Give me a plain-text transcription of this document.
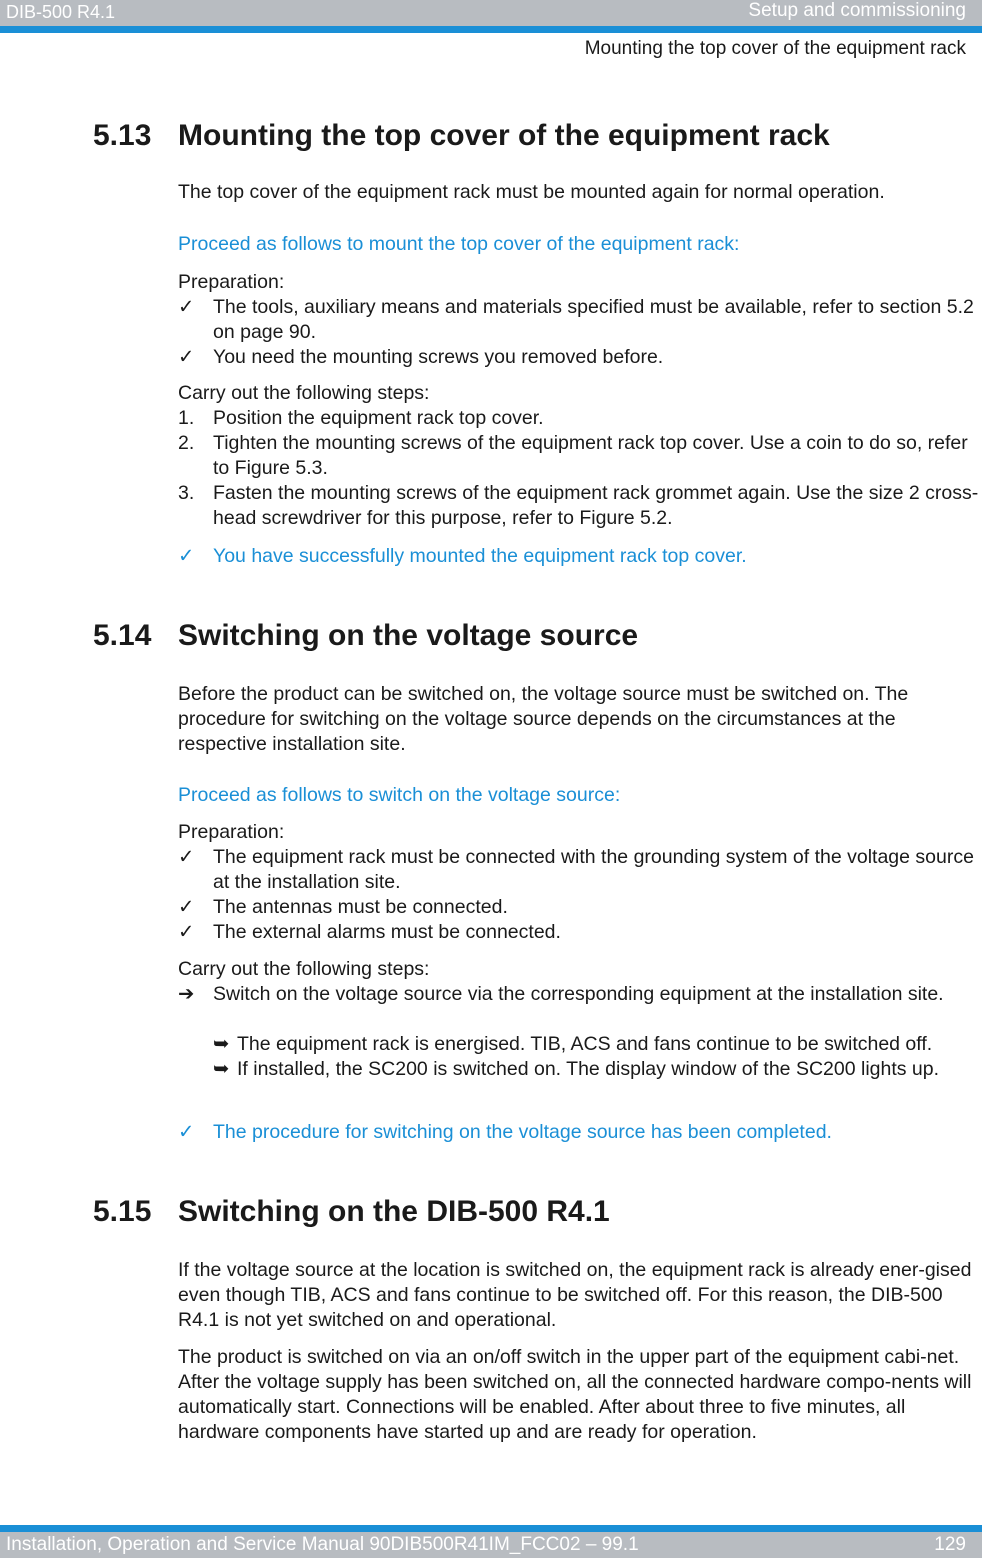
DIB-500 R4.1	Setup and commissioning
Mounting the top cover of the equipment rack
5.13 Mounting the top cover of the equipment rack
The top cover of the equipment rack must be mounted again for normal operation.
Proceed as follows to mount the top cover of the equipment rack:
Preparation:
✓ The tools, auxiliary means and materials specified must be available, refer to section 5.2 on page 90.
✓ You need the mounting screws you removed before.
Carry out the following steps:
1. Position the equipment rack top cover.
2. Tighten the mounting screws of the equipment rack top cover. Use a coin to do so, refer to Figure 5.3.
3. Fasten the mounting screws of the equipment rack grommet again. Use the size 2 cross-head screwdriver for this purpose, refer to Figure 5.2.
✓ You have successfully mounted the equipment rack top cover.
5.14 Switching on the voltage source
Before the product can be switched on, the voltage source must be switched on. The procedure for switching on the voltage source depends on the circumstances at the respective installation site.
Proceed as follows to switch on the voltage source:
Preparation:
✓ The equipment rack must be connected with the grounding system of the voltage source at the installation site.
✓ The antennas must be connected.
✓ The external alarms must be connected.
Carry out the following steps:
➔ Switch on the voltage source via the corresponding equipment at the installation site.
➥ The equipment rack is energised. TIB, ACS and fans continue to be switched off.
➥ If installed, the SC200 is switched on. The display window of the SC200 lights up.
✓ The procedure for switching on the voltage source has been completed.
5.15 Switching on the DIB-500 R4.1
If the voltage source at the location is switched on, the equipment rack is already ener-gised even though TIB, ACS and fans continue to be switched off. For this reason, the DIB-500 R4.1 is not yet switched on and operational.
The product is switched on via an on/off switch in the upper part of the equipment cabi-net. After the voltage supply has been switched on, all the connected hardware compo-nents will automatically start. Connections will be enabled. After about three to five minutes, all hardware components have started up and are ready for operation.
Installation, Operation and Service Manual 90DIB500R41IM_FCC02 – 99.1	129
